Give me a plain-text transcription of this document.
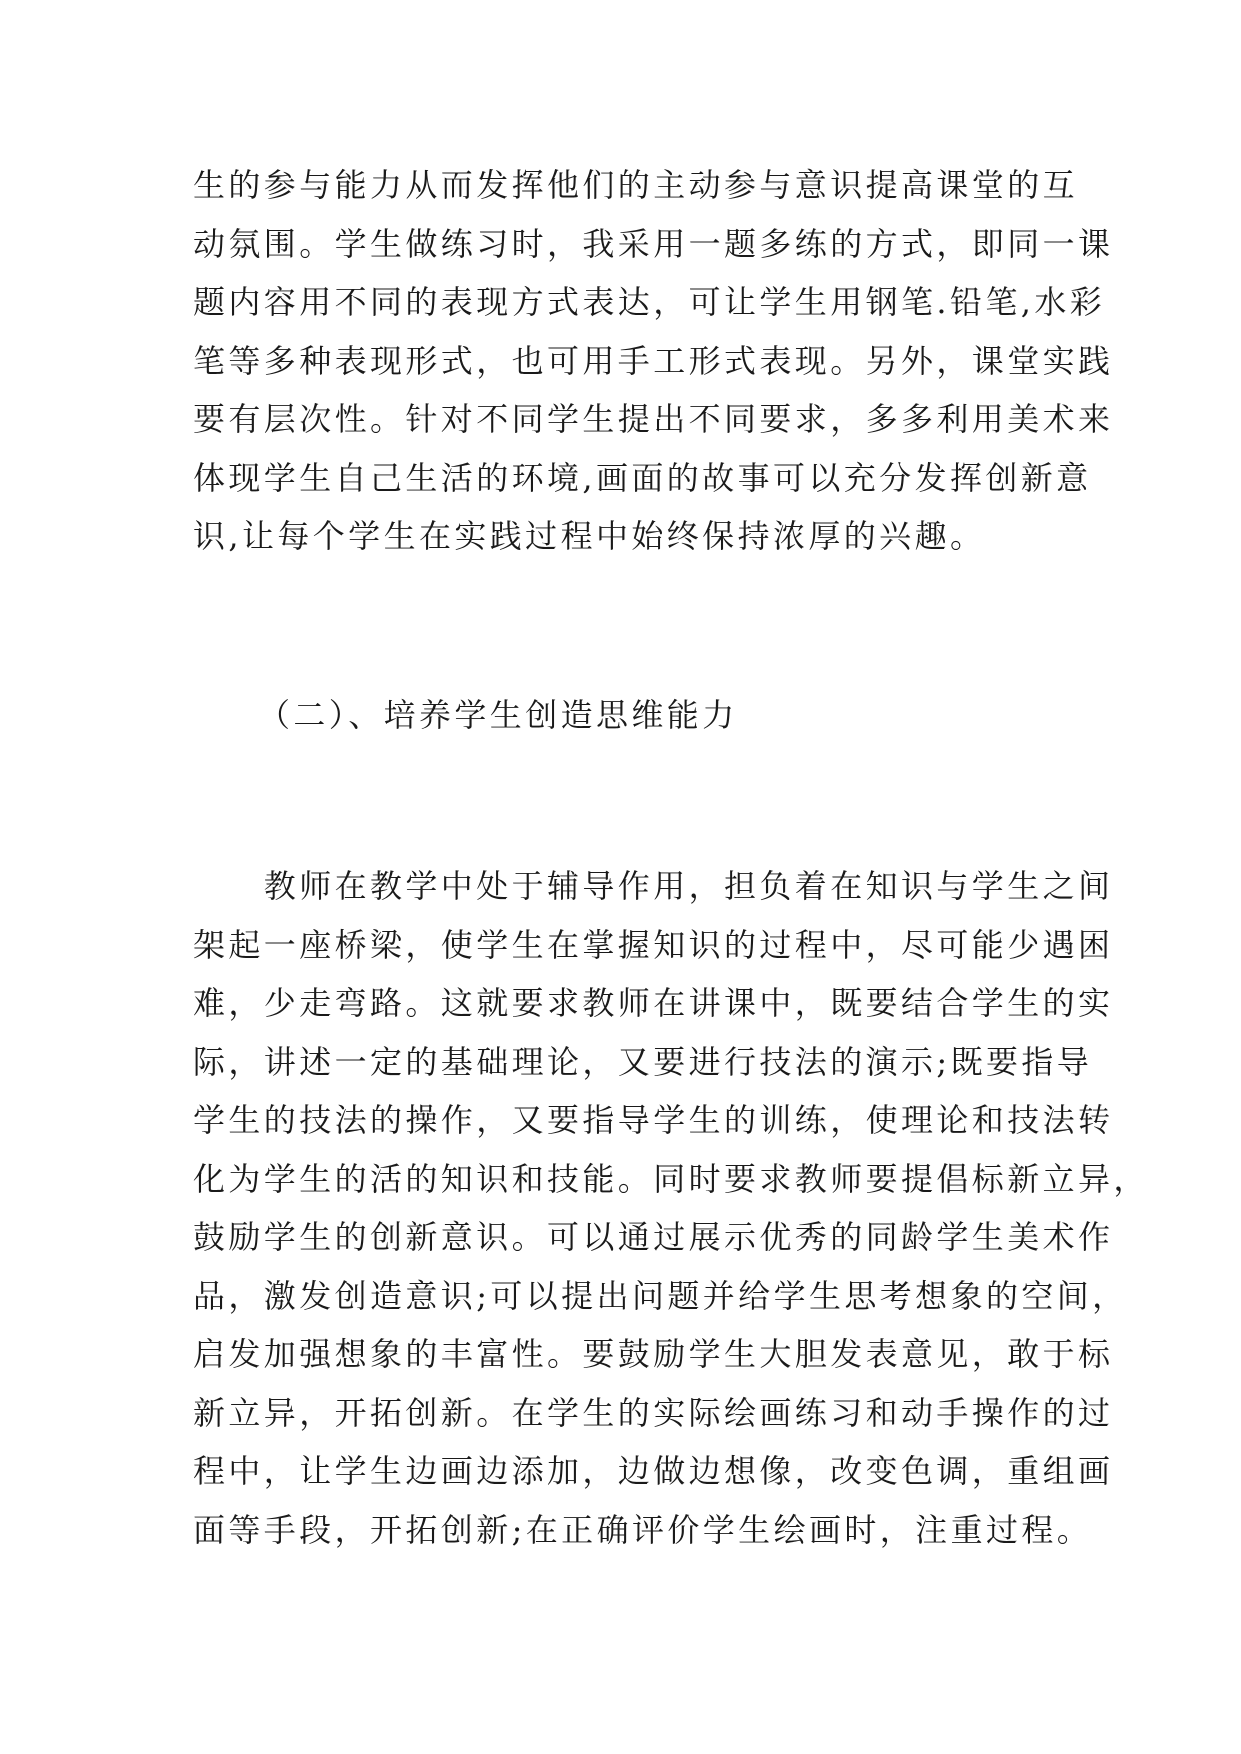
生的参与能力从而发挥他们的主动参与意识提高课堂的互
动氛围。学生做练习时，我采用一题多练的方式，即同一课
题内容用不同的表现方式表达，可让学生用钢笔.铅笔,水彩
笔等多种表现形式，也可用手工形式表现。另外，课堂实践
要有层次性。针对不同学生提出不同要求，多多利用美术来
体现学生自己生活的环境,画面的故事可以充分发挥创新意
识,让每个学生在实践过程中始终保持浓厚的兴趣。

（二）、培养学生创造思维能力

　　教师在教学中处于辅导作用，担负着在知识与学生之间
架起一座桥梁，使学生在掌握知识的过程中，尽可能少遇困
难，少走弯路。这就要求教师在讲课中，既要结合学生的实
际，讲述一定的基础理论，又要进行技法的演示;既要指导
学生的技法的操作，又要指导学生的训练，使理论和技法转
化为学生的活的知识和技能。同时要求教师要提倡标新立异，
鼓励学生的创新意识。可以通过展示优秀的同龄学生美术作
品，激发创造意识;可以提出问题并给学生思考想象的空间，
启发加强想象的丰富性。要鼓励学生大胆发表意见，敢于标
新立异，开拓创新。在学生的实际绘画练习和动手操作的过
程中，让学生边画边添加，边做边想像，改变色调，重组画
面等手段，开拓创新;在正确评价学生绘画时，注重过程。
